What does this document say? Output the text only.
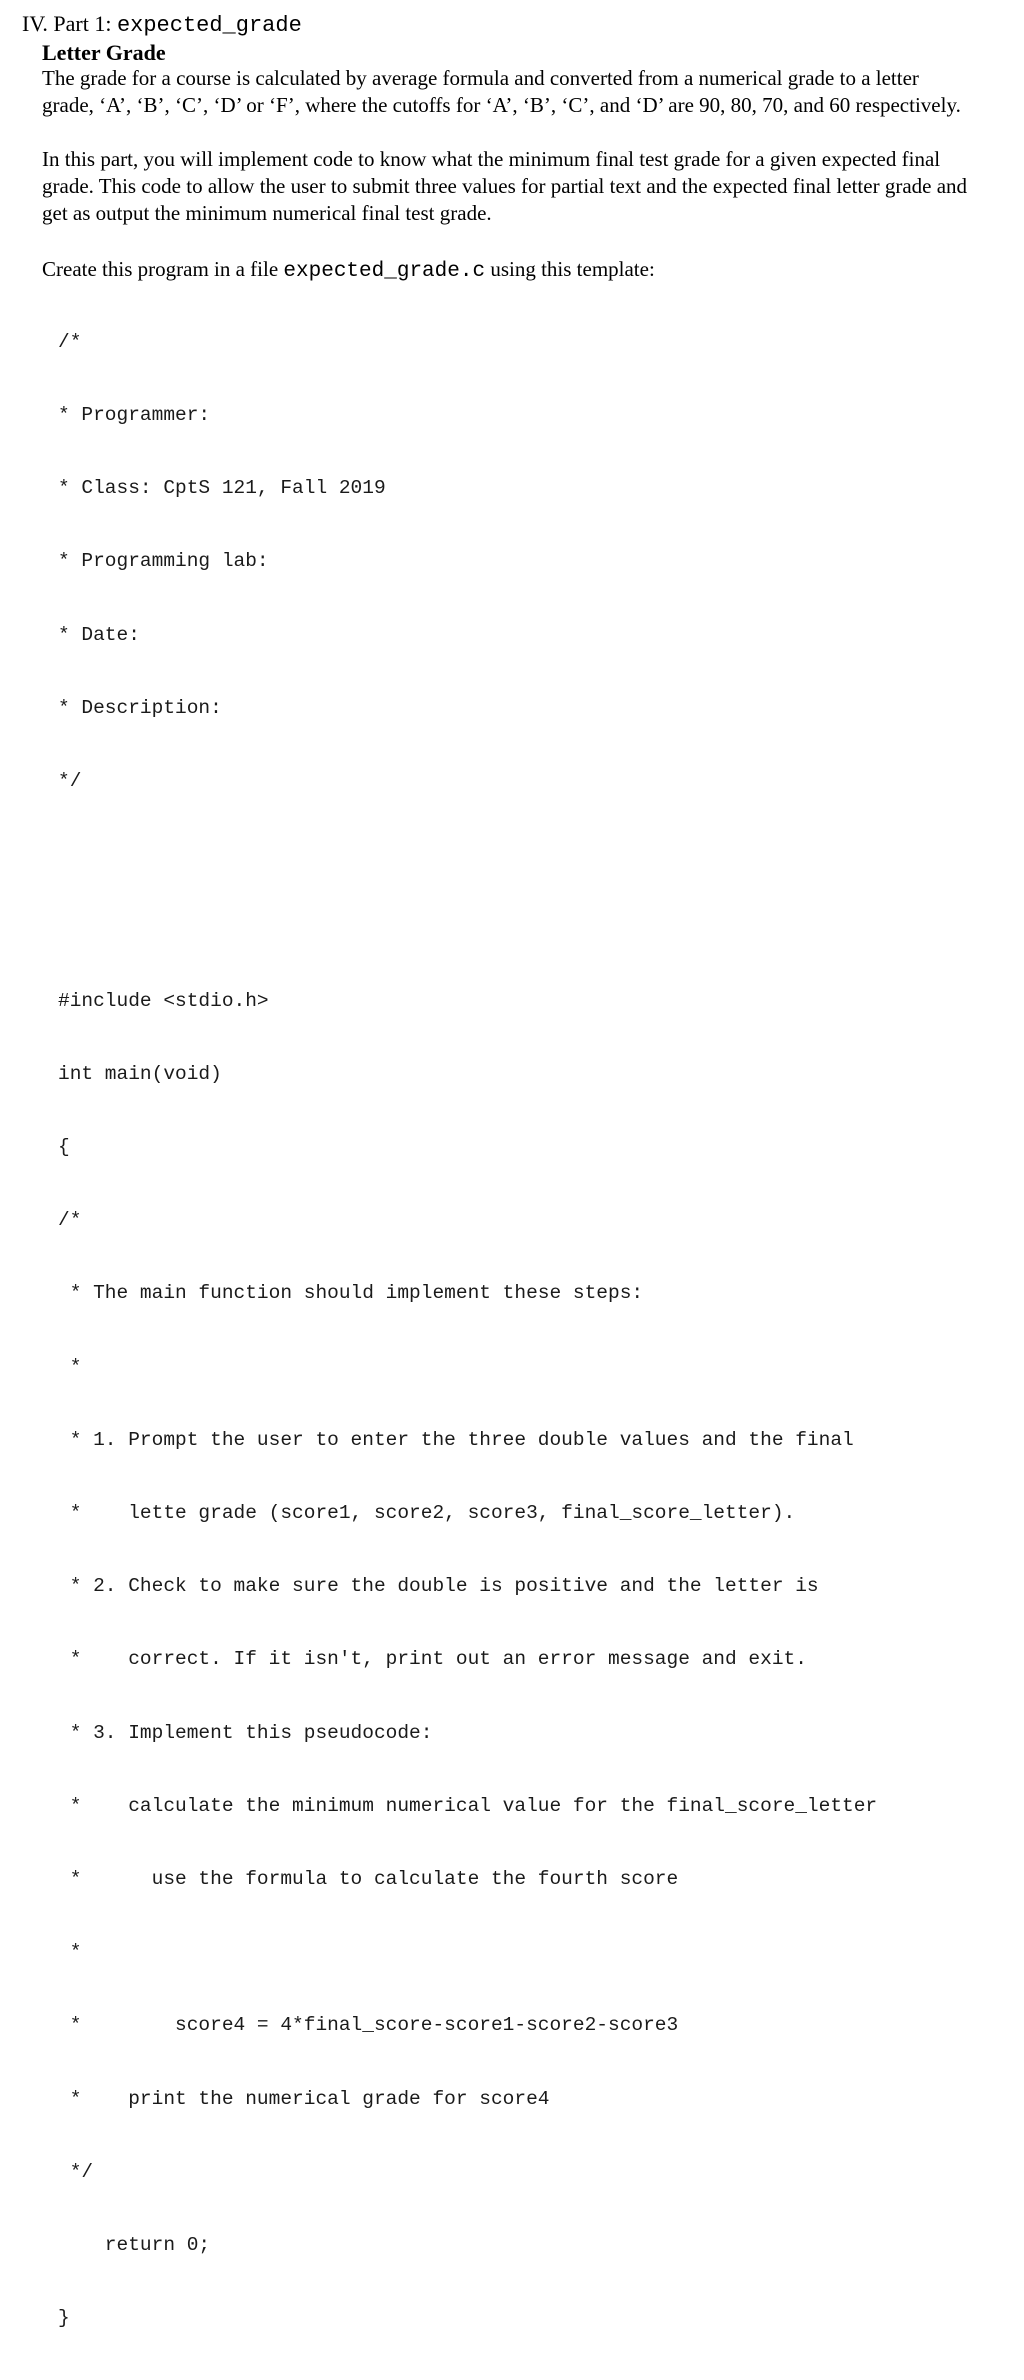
IV. Part 1: expected_grade
Letter Grade
The grade for a course is calculated by average formula and converted from a numerical grade to a letter grade, ‘A’, ‘B’, ‘C’, ‘D’ or ‘F’, where the cutoffs for ‘A’, ‘B’, ‘C’, and ‘D’ are 90, 80, 70, and 60 respectively.
In this part, you will implement code to know what the minimum final test grade for a given expected final grade. This code to allow the user to submit three values for partial text and the expected final letter grade and get as output the minimum numerical final test grade.
Create this program in a file expected_grade.c using this template:

/*

* Programmer:

* Class: CptS 121, Fall 2019

* Programming lab:

* Date:

* Description:

*/

#include <stdio.h>

int main(void)

{

/*

* The main function should implement these steps:

*

* 1. Prompt the user to enter the three double values and the final

*    lette grade (score1, score2, score3, final_score_letter).

* 2. Check to make sure the double is positive and the letter is

*    correct. If it isn't, print out an error message and exit.

* 3. Implement this pseudocode:

*    calculate the minimum numerical value for the final_score_letter

*      use the formula to calculate the fourth score

*

*        score4 = 4*final_score-score1-score2-score3

*    print the numerical grade for score4

*/

return 0;

}
